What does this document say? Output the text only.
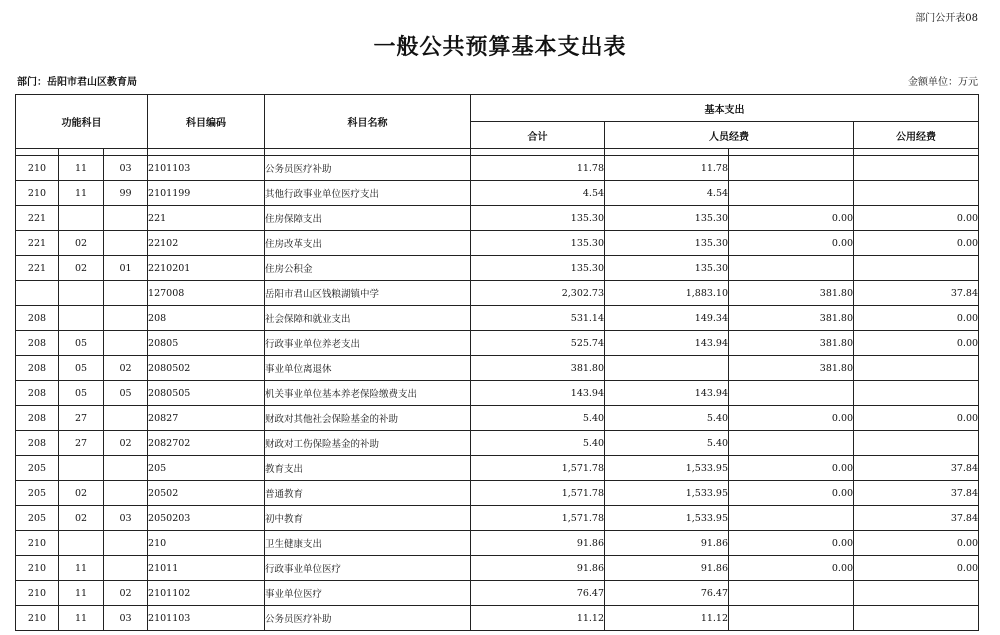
部门公开表08
一般公共预算基本支出表
部门：岳阳市君山区教育局	金额单位：万元
功能科目			科目编码	科目名称	基本支出			
					合计	人员经费		公用经费

210	11	03	2101103	公务员医疗补助	11.78	11.78		
210	11	99	2101199	其他行政事业单位医疗支出	4.54	4.54		
221			221	住房保障支出	135.30	135.30	0.00	0.00
221	02		22102	住房改革支出	135.30	135.30	0.00	0.00
221	02	01	2210201	住房公积金	135.30	135.30		
			127008	岳阳市君山区钱粮湖镇中学	2,302.73	1,883.10	381.80	37.84
208			208	社会保障和就业支出	531.14	149.34	381.80	0.00
208	05		20805	行政事业单位养老支出	525.74	143.94	381.80	0.00
208	05	02	2080502	事业单位离退休	381.80		381.80	
208	05	05	2080505	机关事业单位基本养老保险缴费支出	143.94	143.94		
208	27		20827	财政对其他社会保险基金的补助	5.40	5.40	0.00	0.00
208	27	02	2082702	财政对工伤保险基金的补助	5.40	5.40		
205			205	教育支出	1,571.78	1,533.95	0.00	37.84
205	02		20502	普通教育	1,571.78	1,533.95	0.00	37.84
205	02	03	2050203	初中教育	1,571.78	1,533.95		37.84
210			210	卫生健康支出	91.86	91.86	0.00	0.00
210	11		21011	行政事业单位医疗	91.86	91.86	0.00	0.00
210	11	02	2101102	事业单位医疗	76.47	76.47		
210	11	03	2101103	公务员医疗补助	11.12	11.12		
